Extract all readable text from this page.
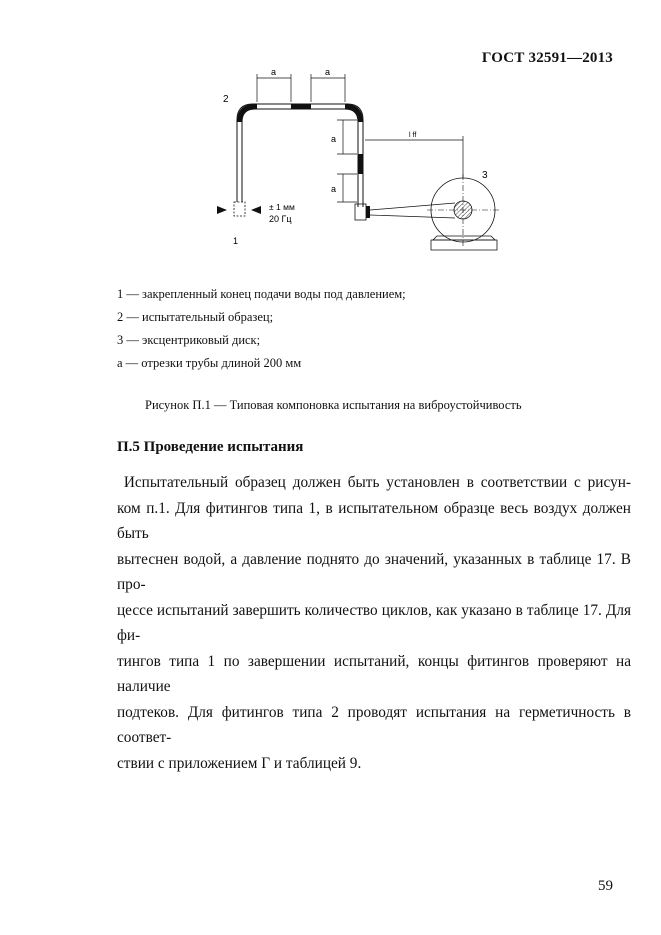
ГОСТ 32591—2013
a	a
a
a
± 1 мм
20 Гц
1
2
l ff
3
1 — закрепленный конец подачи воды под давлением;
2 — испытательный образец;
3 — эксцентриковый диск;
а — отрезки трубы длиной 200 мм
Рисунок П.1 — Типовая компоновка испытания на виброустойчивость
П.5 Проведение испытания
Испытательный образец должен быть установлен в соответствии с рисун-
ком п.1. Для фитингов типа 1, в испытательном образце весь воздух должен быть
вытеснен водой, а давление поднято до значений, указанных в таблице 17. В про-
цессе испытаний завершить количество циклов, как указано в таблице 17. Для фи-
тингов типа 1 по завершении испытаний, концы фитингов проверяют на наличие
подтеков. Для фитингов типа 2 проводят испытания на герметичность в соответ-
ствии с приложением Г и таблицей 9.
59
